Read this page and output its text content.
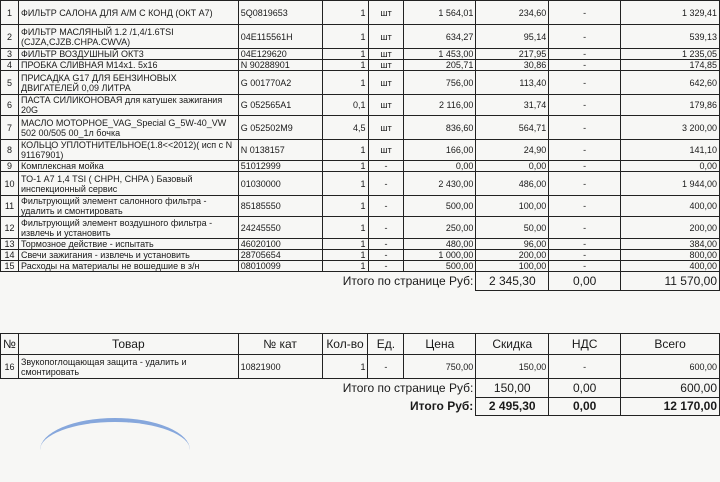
1	ФИЛЬТР САЛОНА ДЛЯ А/М С КОНД (ОКТ А7)	5Q0819653	1	шт	1 564,01	234,60	-	1 329,41
2	ФИЛЬТР МАСЛЯНЫЙ 1.2 /1,4/1.6TSI (CJZA,CJZB.CHPA.CWVA)	04E115561H	1	шт	634,27	95,14	-	539,13
3	ФИЛЬТР ВОЗДУШНЫЙ ОКТ3	04E129620	1	шт	1 453,00	217,95	-	1 235,05
4	ПРОБКА СЛИВНАЯ М14х1. 5х16	N 90288901	1	шт	205,71	30,86	-	174,85
5	ПРИСАДКА G17 ДЛЯ БЕНЗИНОВЫХ ДВИГАТЕЛЕЙ 0,09 ЛИТРА	G 001770A2	1	шт	756,00	113,40	-	642,60
6	ПАСТА СИЛИКОНОВАЯ для катушек зажигания 20G	G 052565A1	0,1	шт	2 116,00	31,74	-	179,86
7	МАСЛО МОТОРНОЕ_VAG_Special G_5W-40_VW 502 00/505 00_1л бочка	G 052502M9	4,5	шт	836,60	564,71	-	3 200,00
8	КОЛЬЦО УПЛОТНИТЕЛЬНОЕ(1.8<<2012)( исп с N 91167901)	N 0138157	1	шт	166,00	24,90	-	141,10
9	Комплексная мойка	51012999	1	-	0,00	0,00	-	0,00
10	ТО-1 А7 1,4 TSI ( CHPH, CHPA ) Базовый инспекционный сервис	01030000	1	-	2 430,00	486,00	-	1 944,00
11	Фильтрующий элемент салонного фильтра - удалить и смонтировать	85185550	1	-	500,00	100,00	-	400,00
12	Фильтрующий элемент воздушного фильтра - извлечь и установить	24245550	1	-	250,00	50,00	-	200,00
13	Тормозное действие - испытать	46020100	1	-	480,00	96,00	-	384,00
14	Свечи зажигания - извлечь и установить	28705654	1	-	1 000,00	200,00	-	800,00
15	Расходы на материалы не вошедшие в з/н	08010099	1	-	500,00	100,00	-	400,00
Итого по странице Руб:						2 345,30	0,00	11 570,00
№	Товар	№ кат	Кол-во	Ед.	Цена	Скидка	НДС	Всего
16	Звукопоглощающая защита - удалить и смонтировать	10821900	1	-	750,00	150,00	-	600,00
Итого по странице Руб:						150,00	0,00	600,00
Итого Руб:						2 495,30	0,00	12 170,00
